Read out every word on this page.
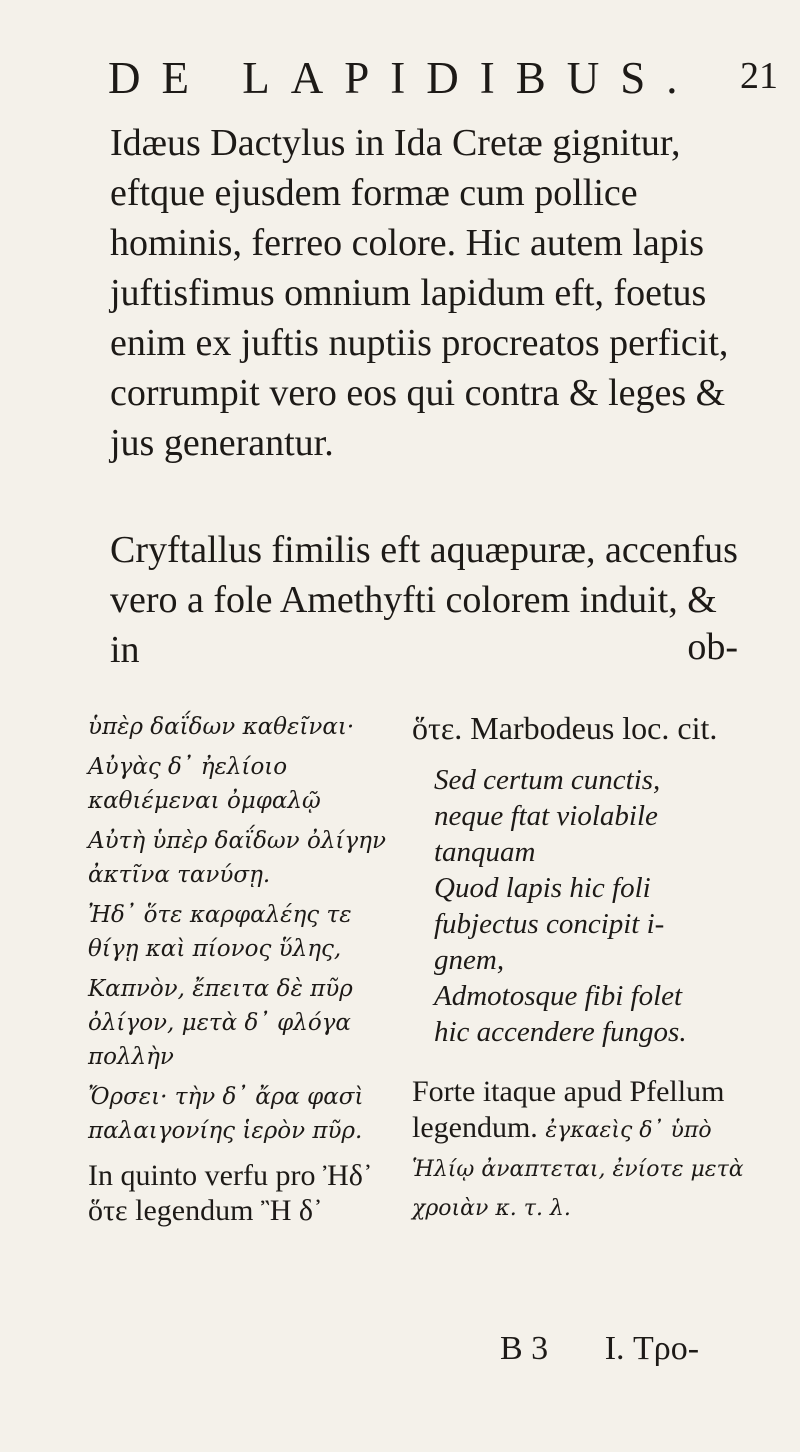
DE LAPIDIBUS. 21

Idæus Dactylus in Ida Cretæ gignitur, eftque ejusdem formæ cum pollice hominis, ferreo colore. Hic autem lapis juftisfimus omnium lapidum eft, foetus enim ex juftis nuptiis procreatos perficit, corrumpit vero eos qui contra & leges & jus generantur.

Cryftallus fimilis eft aquæpuræ, accenfus vero a fole Amethyfti colorem induit, & in	ob-

ὑπὲρ δαΐδων καθεῖναι·

Αὐγὰς δ᾽ ἠελίοιο καθιέμεναι ὀμφαλῷ

Αὐτὴ ὑπὲρ δαΐδων ὀλίγην ἀκτῖνα τανύσῃ.

Ἠδ᾽ ὅτε καρφαλέης τε θίγῃ καὶ πίονος ὕλης,

Καπνὸν, ἔπειτα δὲ πῦρ ὀλίγον, μετὰ δ᾽ φλόγα πολλὴν

Ὄρσει· τὴν δ᾽ ἄρα φασὶ παλαιγονίης ἱερὸν πῦρ.

In quinto verfu pro Ἠδ᾽ ὅτε legendum Ἢ δ᾽

ὅτε. Marbodeus loc. cit.

Sed certum cunctis,
neque ftat violabile
tanquam
Quod lapis hic foli
fubjectus concipit i-
gnem,
Admotosque fibi folet
hic accendere fungos.

Forte itaque apud Pfellum legendum. ἐγκαεὶς δ᾽ ὑπὸ Ἡλίῳ ἀναπτεται, ἐνίοτε μετὰ χροιὰν κ. τ. λ.

B 3 I. Τρο-
